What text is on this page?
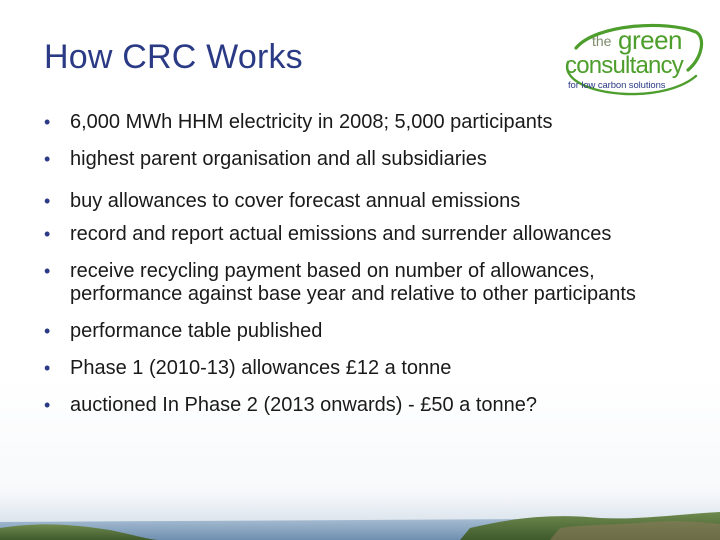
How CRC Works	the green
consultancy
for low carbon solutions
• 6,000 MWh HHM electricity in 2008; 5,000 participants
• highest parent organisation and all subsidiaries
• buy allowances to cover forecast annual emissions
• record and report actual emissions and surrender allowances
• receive recycling payment based on number of allowances, performance against base year and relative to other participants
• performance table published
• Phase 1 (2010-13) allowances £12 a tonne
• auctioned In Phase 2 (2013 onwards) - £50 a tonne?
